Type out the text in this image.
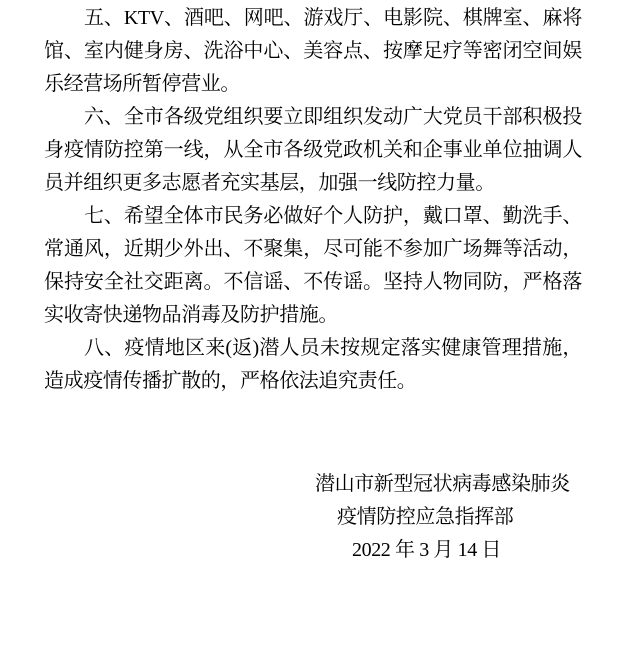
五、KTV、酒吧、网吧、游戏厅、电影院、棋牌室、麻将
馆、室内健身房、洗浴中心、美容点、按摩足疗等密闭空间娱
乐经营场所暂停营业。
六、全市各级党组织要立即组织发动广大党员干部积极投
身疫情防控第一线，从全市各级党政机关和企事业单位抽调人
员并组织更多志愿者充实基层，加强一线防控力量。
七、希望全体市民务必做好个人防护，戴口罩、勤洗手、
常通风，近期少外出、不聚集，尽可能不参加广场舞等活动，
保持安全社交距离。不信谣、不传谣。坚持人物同防，严格落
实收寄快递物品消毒及防护措施。
八、疫情地区来(返)潜人员未按规定落实健康管理措施，
造成疫情传播扩散的，严格依法追究责任。
潜山市新型冠状病毒感染肺炎
疫情防控应急指挥部
2022 年 3 月 14 日
